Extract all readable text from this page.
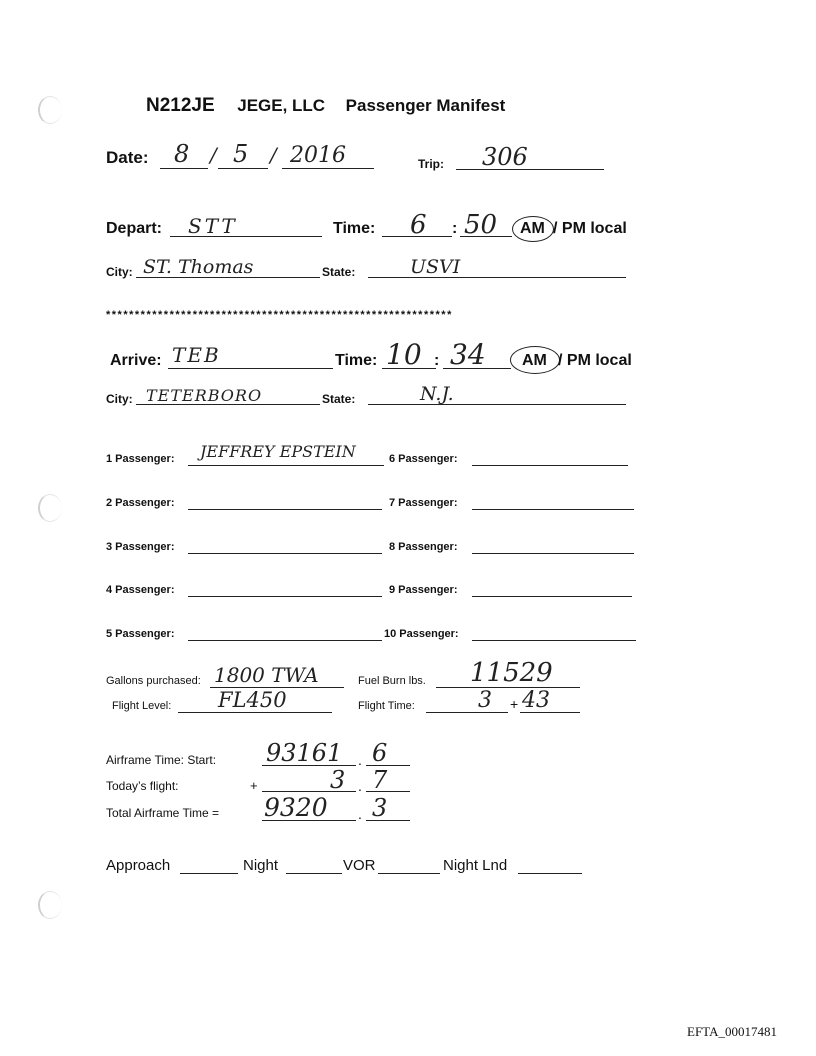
N212JE JEGE, LLC Passenger Manifest
Date: 8 / 5 / 2016	Trip: 306
Depart: STT	Time: 6 : 50 AM / PM local
City: ST. Thomas	State:	USVI
************************************************************
Arrive: TEB	Time: 10 : 34 AM / PM local
City: TETERBORO	State:	N.J.
1 Passenger: JEFFREY EPSTEIN
2 Passenger:
3 Passenger:
4 Passenger:
5 Passenger:
6 Passenger:
7 Passenger:
8 Passenger:
9 Passenger:
10 Passenger:
Gallons purchased: 1800 TWA	Fuel Burn lbs. 11529
Flight Level: FL450	Flight Time:	3 + 43
Airframe Time: Start: 93161 . 6
Today’s flight:	+	3 . 7
Total Airframe Time = 9320 . 3
Approach	Night	VOR	Night Lnd
EFTA_00017481
